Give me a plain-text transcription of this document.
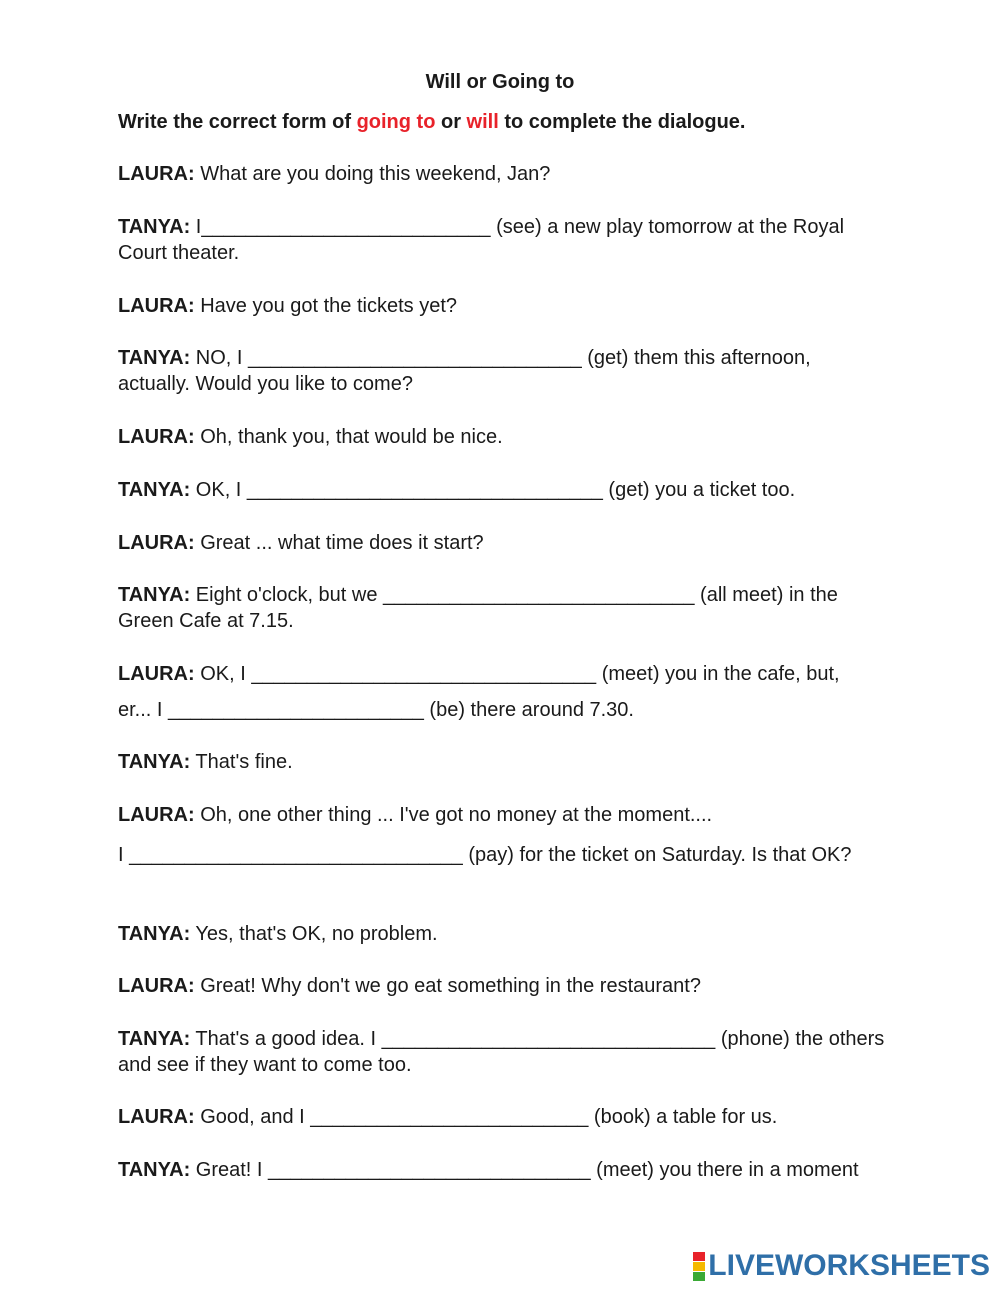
Will or Going to
Write the correct form of going to or will to complete the dialogue.
LAURA: What are you doing this weekend, Jan?
TANYA: I__________________________ (see) a new play tomorrow at the Royal Court theater.
LAURA: Have you got the tickets yet?
TANYA: NO, I ______________________________ (get) them this afternoon, actually. Would you like to come?
LAURA: Oh, thank you, that would be nice.
TANYA: OK, I ________________________________ (get) you a ticket too.
LAURA: Great ... what time does it start?
TANYA: Eight o'clock, but we ____________________________ (all meet) in the Green Cafe at 7.15.
LAURA: OK, I _______________________________ (meet) you in the cafe, but,
er... I _______________________ (be) there around 7.30.
TANYA: That's fine.
LAURA: Oh, one other thing ... I've got no money at the moment....
I ______________________________ (pay) for the ticket on Saturday. Is that OK?
TANYA: Yes, that's OK, no problem.
LAURA: Great! Why don't we go eat something in the restaurant?
TANYA: That's a good idea. I ______________________________ (phone) the others and see if they want to come too.
LAURA: Good, and I _________________________ (book) a table for us.
TANYA: Great! I _____________________________ (meet) you there in a moment
LIVEWORKSHEETS
